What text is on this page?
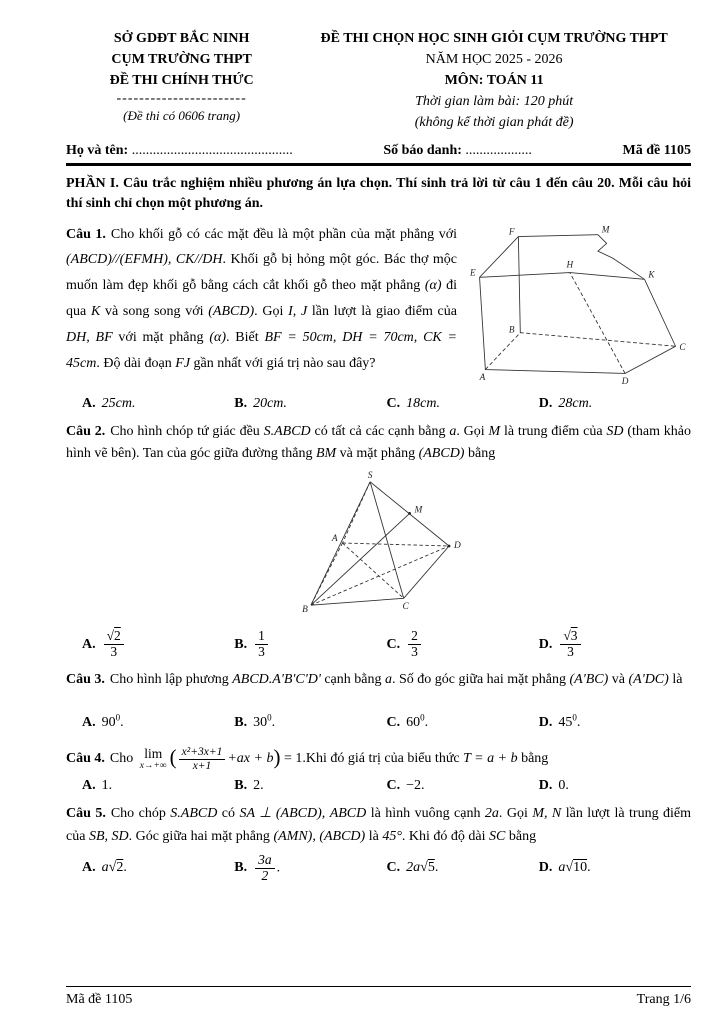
SỞ GDĐT BẮC NINH
CỤM TRƯỜNG THPT
ĐỀ THI CHÍNH THỨC
-----------------------
(Đề thi có 0606 trang)
ĐỀ THI CHỌN HỌC SINH GIỎI CỤM TRƯỜNG THPT
NĂM HỌC 2025 - 2026
MÔN: TOÁN 11
Thời gian làm bài: 120 phút
(không kể thời gian phát đề)
Họ và tên: ..............................................	Số báo danh: ...................	Mã đề 1105

PHẦN I. Câu trắc nghiệm nhiều phương án lựa chọn. Thí sinh trả lời từ câu 1 đến câu 20. Mỗi câu hỏi thí sinh chỉ chọn một phương án.

F	M
E
H
K
B
C
A	D

Câu 1. Cho khối gỗ có các mặt đều là một phần của mặt phẳng với (ABCD)//(EFMH), CK//DH. Khối gỗ bị hỏng một góc. Bác thợ mộc muốn làm đẹp khối gỗ bằng cách cắt khối gỗ theo mặt phẳng (α) đi qua K và song song với (ABCD). Gọi I, J lần lượt là giao điểm của DH, BF với mặt phẳng (α). Biết BF = 50cm, DH = 70cm, CK = 45cm. Độ dài đoạn FJ gần nhất với giá trị nào sau đây?

A. 25cm.	B. 20cm.	C. 18cm.	D. 28cm.

Câu 2. Cho hình chóp tứ giác đều S.ABCD có tất cả các cạnh bằng a. Gọi M là trung điểm của SD (tham khảo hình vẽ bên). Tan của góc giữa đường thẳng BM và mặt phẳng (ABCD) bằng

S
M
A
D
B	C
A. $\frac{√2}{3}$	B. $\frac{1}{3}$	C. $\frac{2}{3}$	D. $\frac{√3}{3}$

Câu 3. Cho hình lập phương ABCD.A'B'C'D' cạnh bằng a. Số đo góc giữa hai mặt phẳng (A'BC) và (A'DC) là

A. $90^0$.	B. $30^0$.	C. $60^0$.	D. $45^0$.

Câu 4. Cho lim
x→+∞ ( $\frac{\text{x²+3x+1}}{x+1} +ax + b) = 1.Khi$ đó giá trị của biểu thức T = a + b bằng

A. 1.	B. 2.	C. −2.	D. 0.

Câu 5. Cho chóp S.ABCD có SA ⊥ (ABCD), ABCD là hình vuông cạnh 2a. Gọi M, N lần lượt là trung điểm của SB, SD. Góc giữa hai mặt phẳng (AMN), (ABCD) là 45°. Khi đó độ dài SC bằng

A. a√2.	B. $\frac{3a}{2}$ .	C. 2a√5.	D. a√10.
Mã đề 1105	Trang 1/6
